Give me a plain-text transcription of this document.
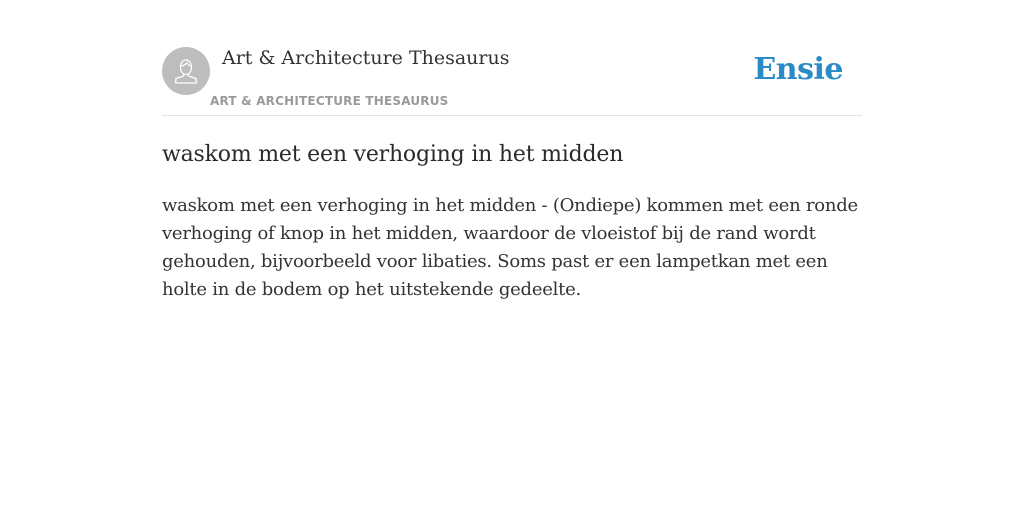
Art & Architecture Thesaurus
ART & ARCHITECTURE THESAURUS
Ensie
waskom met een verhoging in het midden

waskom met een verhoging in het midden - (Ondiepe) kommen met een ronde verhoging of knop in het midden, waardoor de vloeistof bij de rand wordt gehouden, bijvoorbeeld voor libaties. Soms past er een lampetkan met een holte in de bodem op het uitstekende gedeelte.
